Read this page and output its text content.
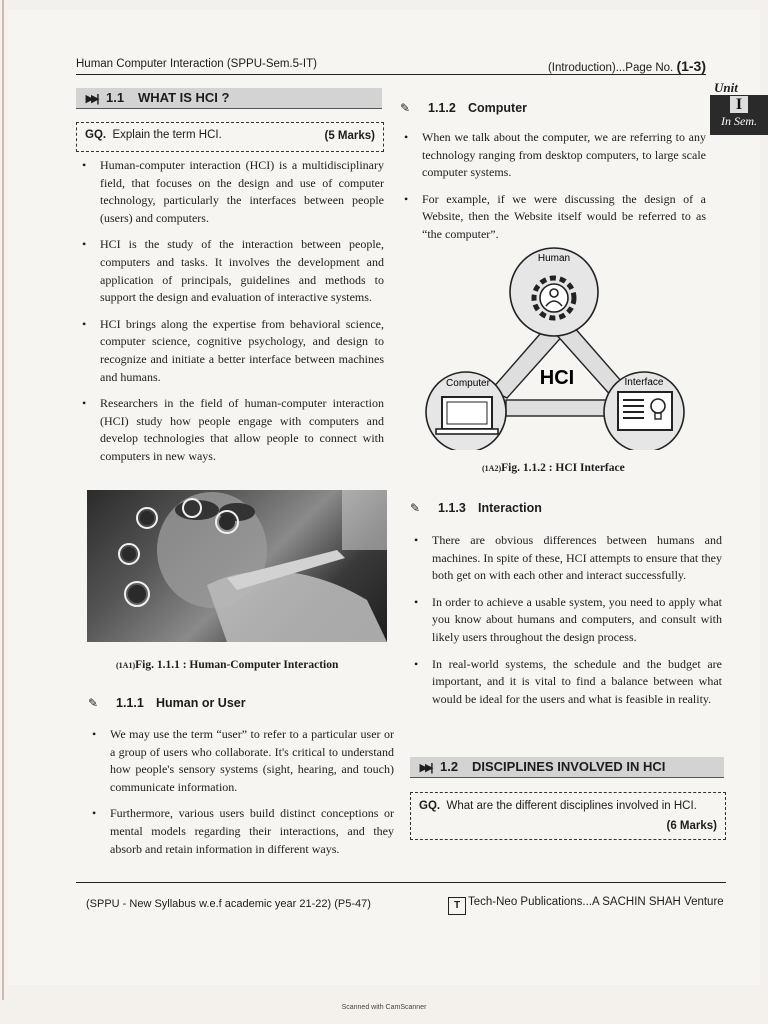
Human Computer Interaction (SPPU-Sem.5-IT)	(Introduction)...Page No. (1-3)
Unit
I
In Sem.
▶▶| 1.1 WHAT IS HCI ?
GQ. Explain the term HCI.	(5 Marks)
• Human-computer interaction (HCI) is a multidisciplinary field, that focuses on the design and use of computer technology, particularly the interfaces between people (users) and computers.
• HCI is the study of the interaction between people, computers and tasks. It involves the development and application of principals, guidelines and methods to support the design and evaluation of interactive systems.
• HCI brings along the expertise from behavioral science, computer science, cognitive psychology, and design to recognize and initiate a better interface between machines and humans.
• Researchers in the field of human-computer interaction (HCI) study how people engage with computers and develop technologies that allow people to connect with computers in new ways.
(1A1)Fig. 1.1.1 : Human-Computer Interaction
✎ 1.1.1 Human or User
• We may use the term “user” to refer to a particular user or a group of users who collaborate. It's critical to understand how people's sensory systems (sight, hearing, and touch) communicate information.
• Furthermore, various users build distinct conceptions or mental models regarding their interactions, and they absorb and retain information in different ways.
✎ 1.1.2 Computer
• When we talk about the computer, we are referring to any technology ranging from desktop computers, to large scale computer systems.
• For example, if we were discussing the design of a Website, then the Website itself would be referred to as “the computer”.
Human
Computer	Interface
HCI
(1A2)Fig. 1.1.2 : HCI Interface
✎ 1.1.3 Interaction
• There are obvious differences between humans and machines. In spite of these, HCI attempts to ensure that they both get on with each other and interact successfully.
• In order to achieve a usable system, you need to apply what you know about humans and computers, and consult with likely users throughout the design process.
• In real-world systems, the schedule and the budget are important, and it is vital to find a balance between what would be ideal for the users and what is feasible in reality.
▶▶| 1.2 DISCIPLINES INVOLVED IN HCI
GQ. What are the different disciplines involved in HCI.
(6 Marks)
(SPPU - New Syllabus w.e.f academic year 21-22) (P5-47)	T Tech-Neo Publications...A SACHIN SHAH Venture
Scanned with CamScanner
